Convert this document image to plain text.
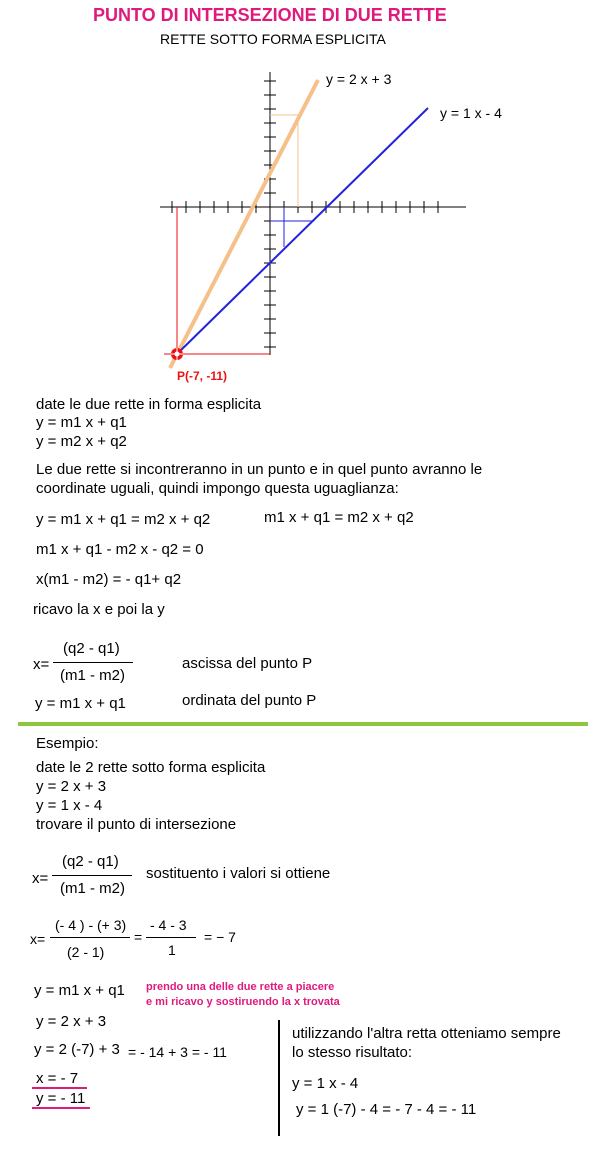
PUNTO DI INTERSEZIONE DI DUE RETTE
RETTE SOTTO FORMA ESPLICITA
y = 2 x + 3
y = 1 x - 4
P(-7, -11)
date le due rette in forma esplicita
y = m1 x + q1
y = m2 x + q2
Le due rette si incontreranno in un punto e in quel punto avranno le
coordinate uguali, quindi impongo questa uguaglianza:
y = m1 x + q1 = m2 x + q2	m1 x + q1 = m2 x + q2
m1 x + q1 - m2 x - q2 = 0
x(m1 - m2) = - q1+ q2
ricavo la x e poi la y
x=
(q2 - q1)
(m1 - m2)
ascissa del punto P
y = m1 x + q1	ordinata del punto P
Esempio:
date le 2 rette sotto forma esplicita
y = 2 x + 3
y = 1 x - 4
trovare il punto di intersezione
x=
(q2 - q1)
(m1 - m2)
sostituento i valori si ottiene
x=
(- 4 ) - (+ 3)
(2 - 1)
=
- 4 - 3
1
= − 7
y = m1 x + q1 prendo una delle due rette a piacere
e mi ricavo y sostiruendo la x trovata
y = 2 x + 3
y = 2 (-7) + 3 = - 14 + 3 = - 11
x = - 7
y = - 11
utilizzando l'altra retta otteniamo sempre
lo stesso risultato:
y = 1 x - 4
y = 1 (-7) - 4 = - 7 - 4 = - 11
